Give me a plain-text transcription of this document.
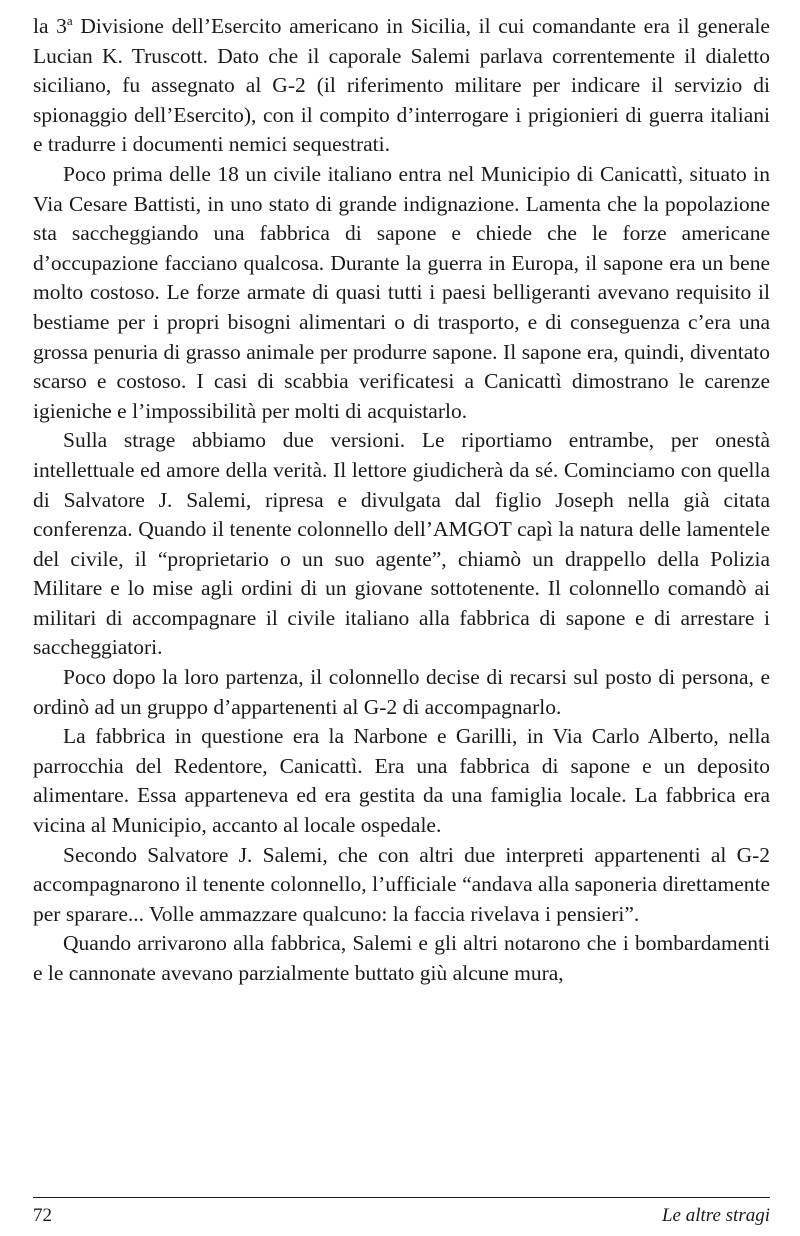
la 3$^a$ Divisione dell’Esercito americano in Sicilia, il cui comandante era il generale Lucian K. Truscott. Dato che il caporale Salemi parlava correntemente il dialetto siciliano, fu assegnato al G-2 (il riferimento militare per indicare il servizio di spionaggio dell’Esercito), con il compito d’interrogare i prigionieri di guerra italiani e tradurre i documenti nemici sequestrati.

Poco prima delle 18 un civile italiano entra nel Municipio di Canicattì, situato in Via Cesare Battisti, in uno stato di grande indignazione. Lamenta che la popolazione sta saccheggiando una fabbrica di sapone e chiede che le forze americane d’occupazione facciano qualcosa. Durante la guerra in Europa, il sapone era un bene molto costoso. Le forze armate di quasi tutti i paesi belligeranti avevano requisito il bestiame per i propri bisogni alimentari o di trasporto, e di conseguenza c’era una grossa penuria di grasso animale per produrre sapone. Il sapone era, quindi, diventato scarso e costoso. I casi di scabbia verificatesi a Canicattì dimostrano le carenze igieniche e l’impossibilità per molti di acquistarlo.

Sulla strage abbiamo due versioni. Le riportiamo entrambe, per onestà intellettuale ed amore della verità. Il lettore giudicherà da sé. Cominciamo con quella di Salvatore J. Salemi, ripresa e divulgata dal figlio Joseph nella già citata conferenza. Quando il tenente colonnello dell’AMGOT capì la natura delle lamentele del civile, il “proprietario o un suo agente”, chiamò un drappello della Polizia Militare e lo mise agli ordini di un giovane sottotenente. Il colonnello comandò ai militari di accompagnare il civile italiano alla fabbrica di sapone e di arrestare i saccheggiatori.

Poco dopo la loro partenza, il colonnello decise di recarsi sul posto di persona, e ordinò ad un gruppo d’appartenenti al G-2 di accompagnarlo.

La fabbrica in questione era la Narbone e Garilli, in Via Carlo Alberto, nella parrocchia del Redentore, Canicattì. Era una fabbrica di sapone e un deposito alimentare. Essa apparteneva ed era gestita da una famiglia locale. La fabbrica era vicina al Municipio, accanto al locale ospedale.

Secondo Salvatore J. Salemi, che con altri due interpreti appartenenti al G-2 accompagnarono il tenente colonnello, l’ufficiale “andava alla saponeria direttamente per sparare... Volle ammazzare qualcuno: la faccia rivelava i pensieri”.

Quando arrivarono alla fabbrica, Salemi e gli altri notarono che i bombardamenti e le cannonate avevano parzialmente buttato giù alcune mura,

72	Le altre stragi
